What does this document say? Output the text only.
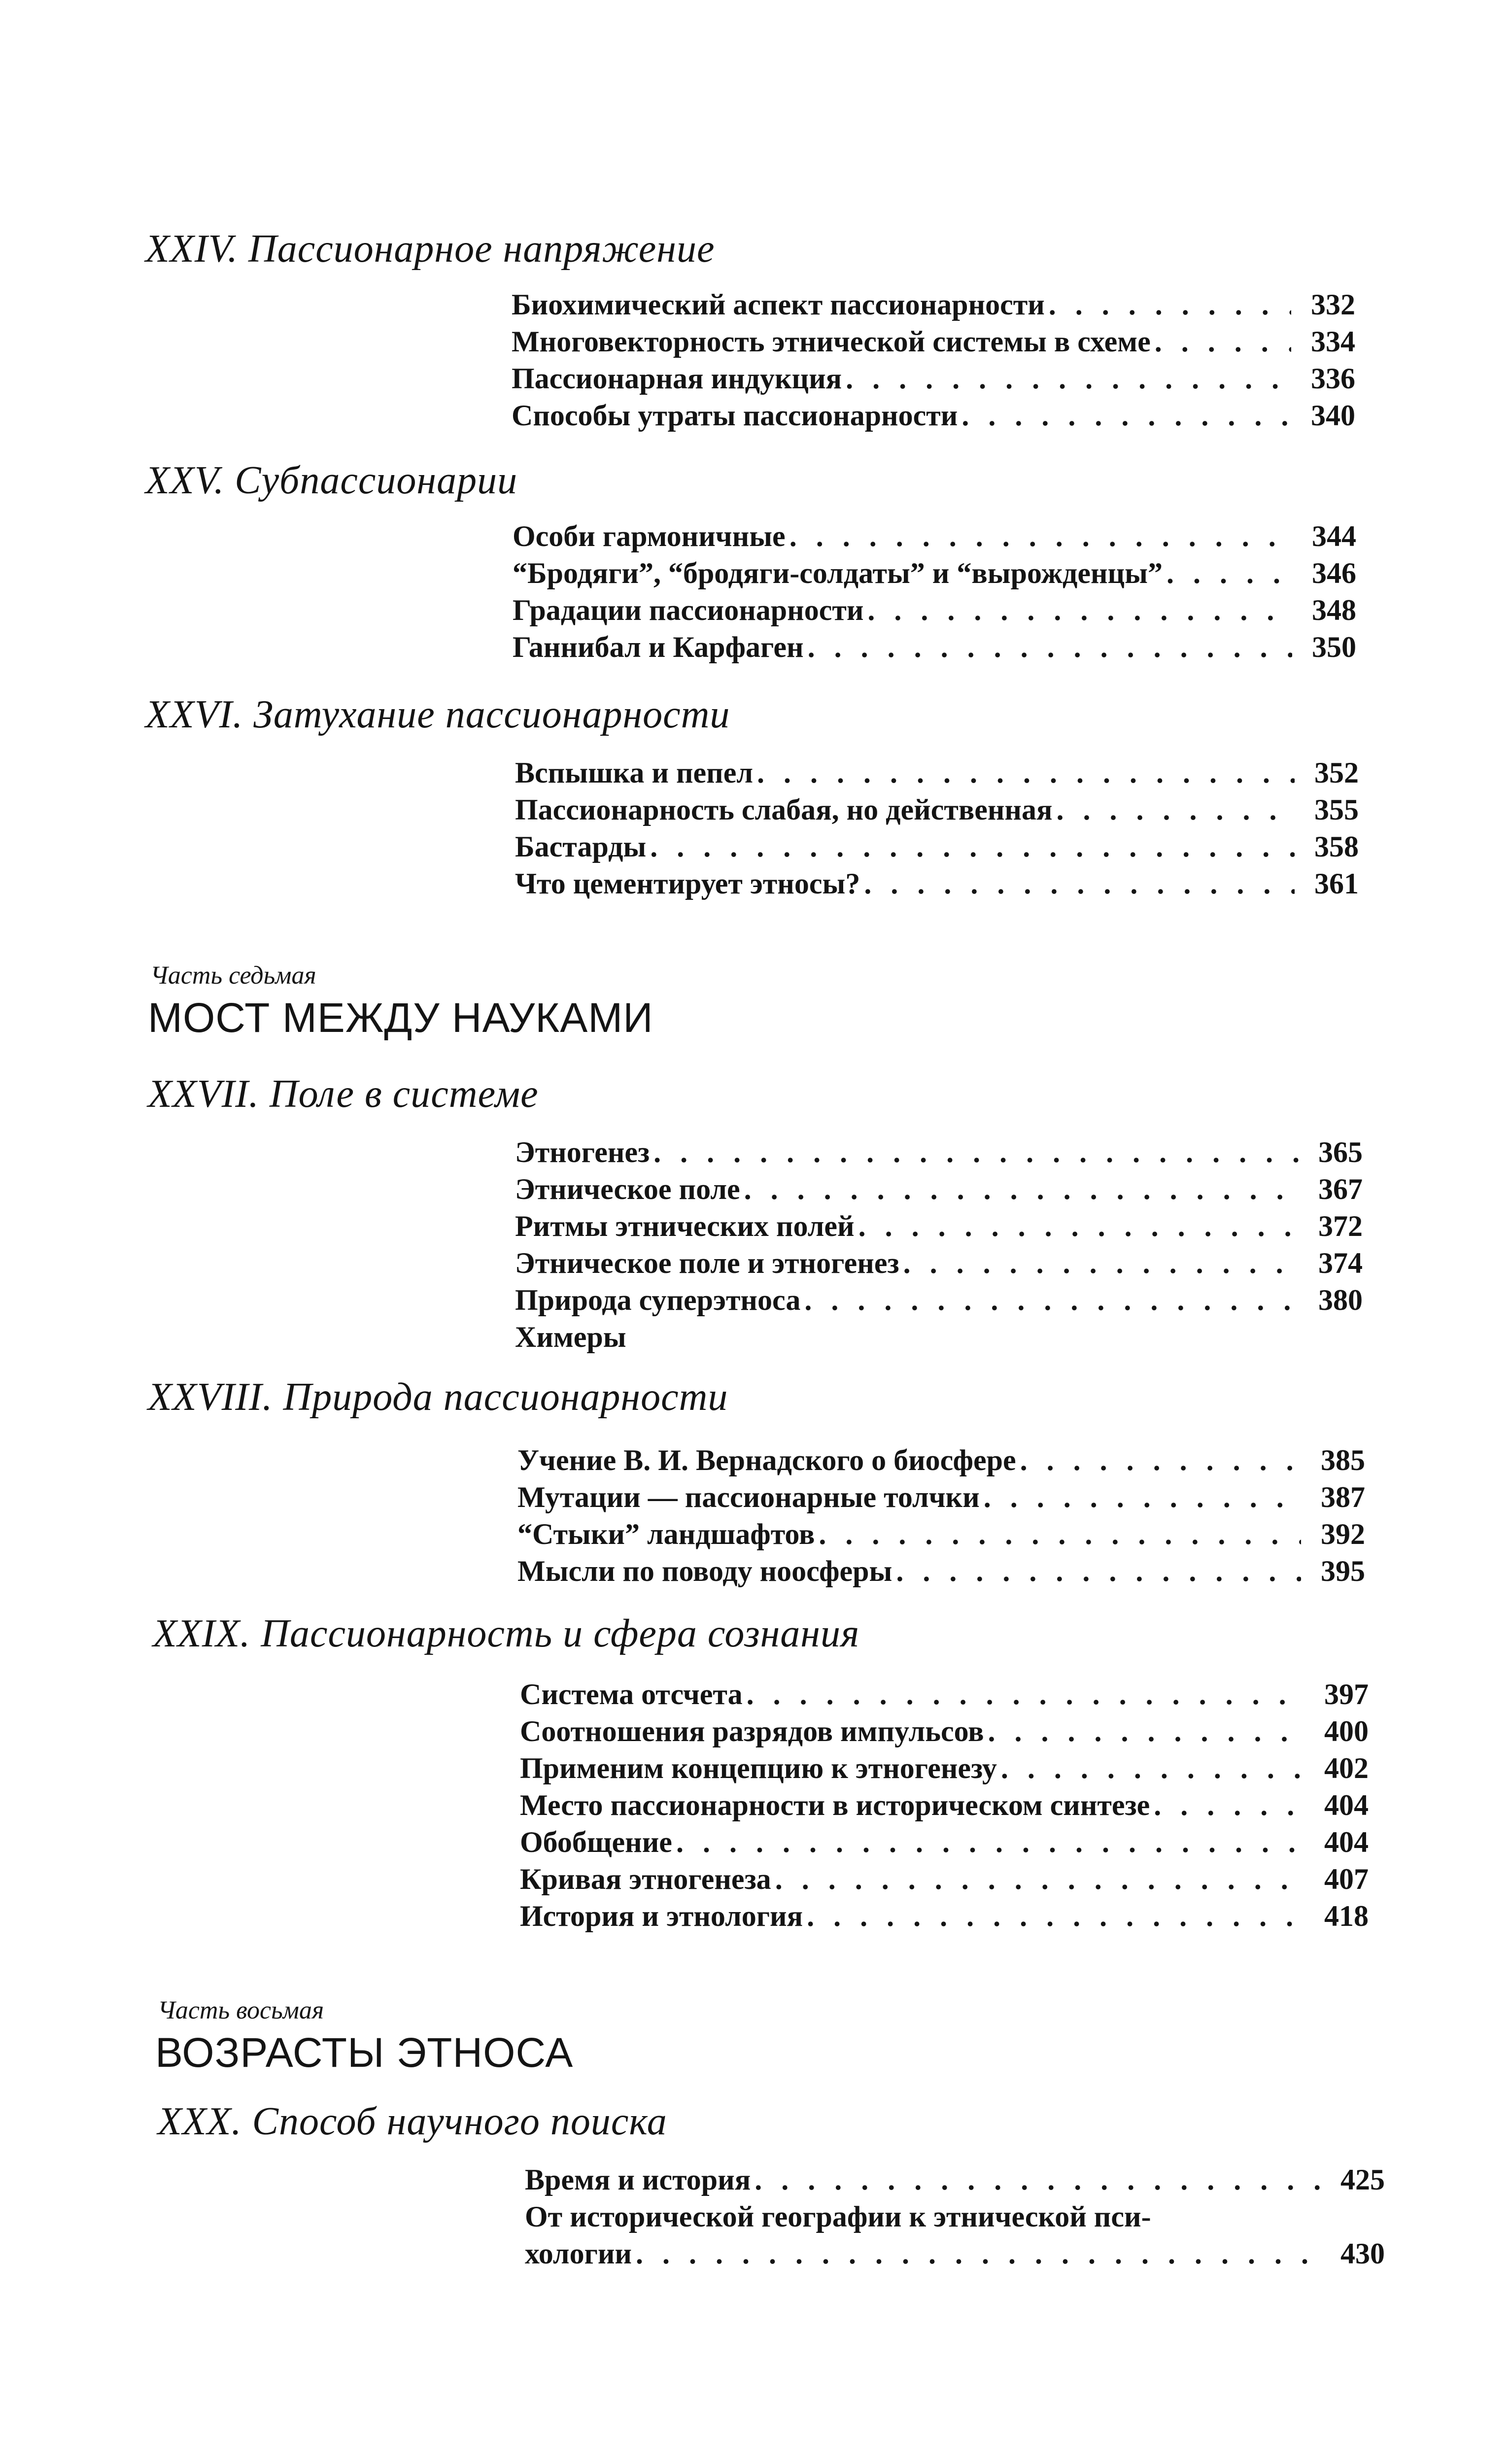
XXIV. Пассионарное напряжение
Биохимический аспект пассионарности . . .	332
Многовекторность этнической системы в схеме . . .	334
Пассионарная индукция . . .	336
Способы утраты пассионарности . . .	340
XXV. Субпассионарии
Особи гармоничные . . .	344
“Бродяги”, “бродяги-солдаты” и “вырожденцы” . . .	346
Градации пассионарности . . .	348
Ганнибал и Карфаген . . .	350
XXVI. Затухание пассионарности
Вспышка и пепел . . .	352
Пассионарность слабая, но действенная . . .	355
Бастарды . . .	358
Что цементирует этносы? . . .	361
Часть седьмая
МОСТ МЕЖДУ НАУКАМИ
XXVII. Поле в системе
Этногенез . . .	365
Этническое поле . . .	367
Ритмы этнических полей . . .	372
Этническое поле и этногенез . . .	374
Природа суперэтноса . . .	380
Химеры
XXVIII. Природа пассионарности
Учение В. И. Вернадского о биосфере . . .	385
Мутации — пассионарные толчки . . .	387
“Стыки” ландшафтов . . .	392
Мысли по поводу ноосферы . . .	395
XXIX. Пассионарность и сфера сознания
Система отсчета . . .	397
Соотношения разрядов импульсов . . .	400
Применим концепцию к этногенезу . . .	402
Место пассионарности в историческом синтезе . . .	404
Обобщение . . .	404
Кривая этногенеза . . .	407
История и этнология . . .	418
Часть восьмая
ВОЗРАСТЫ ЭТНОСА
XXX. Способ научного поиска
Время и история . . .	425
От исторической географии к этнической пси-
хологии . . .	430
